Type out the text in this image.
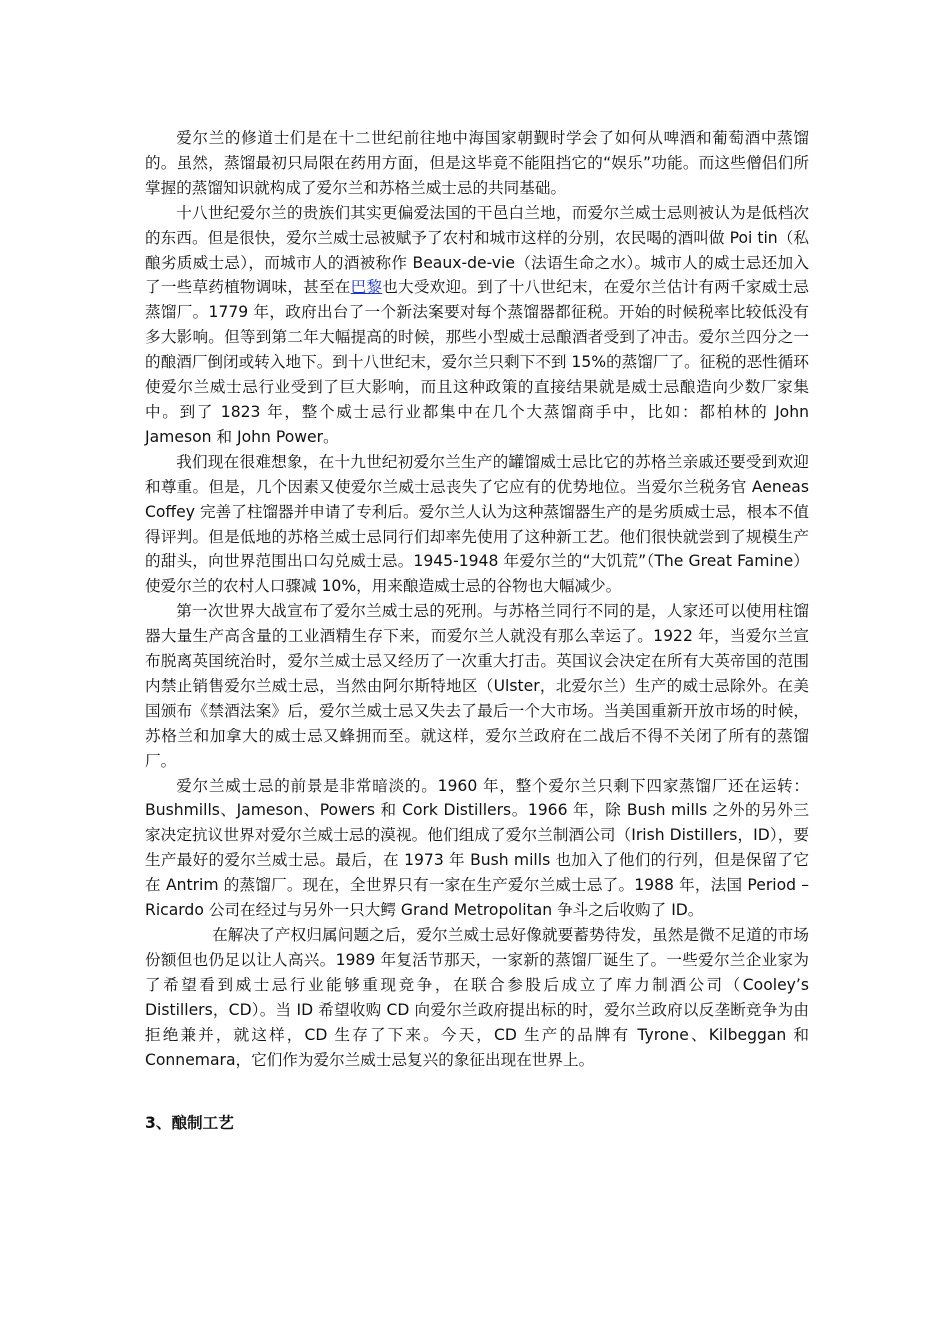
爱尔兰的修道士们是在十二世纪前往地中海国家朝觐时学会了如何从啤酒和葡萄酒中蒸馏的。虽然，蒸馏最初只局限在药用方面，但是这毕竟不能阻挡它的“娱乐”功能。而这些僧侣们所掌握的蒸馏知识就构成了爱尔兰和苏格兰威士忌的共同基础。

十八世纪爱尔兰的贵族们其实更偏爱法国的干邑白兰地，而爱尔兰威士忌则被认为是低档次的东西。但是很快，爱尔兰威士忌被赋予了农村和城市这样的分别，农民喝的酒叫做 Poi tin（私酿劣质威士忌），而城市人的酒被称作 Beaux-de-vie（法语生命之水）。城市人的威士忌还加入了一些草药植物调味，甚至在巴黎也大受欢迎。到了十八世纪末，在爱尔兰估计有两千家威士忌蒸馏厂。1779 年，政府出台了一个新法案要对每个蒸馏器都征税。开始的时候税率比较低没有多大影响。但等到第二年大幅提高的时候，那些小型威士忌酿酒者受到了冲击。爱尔兰四分之一的酿酒厂倒闭或转入地下。到十八世纪末，爱尔兰只剩下不到 15%的蒸馏厂了。征税的恶性循环使爱尔兰威士忌行业受到了巨大影响，而且这种政策的直接结果就是威士忌酿造向少数厂家集中。到了 1823 年，整个威士忌行业都集中在几个大蒸馏商手中，比如：都柏林的 John Jameson 和 John Power。

我们现在很难想象，在十九世纪初爱尔兰生产的罐馏威士忌比它的苏格兰亲戚还要受到欢迎和尊重。但是，几个因素又使爱尔兰威士忌丧失了它应有的优势地位。当爱尔兰税务官 Aeneas Coffey 完善了柱馏器并申请了专利后。爱尔兰人认为这种蒸馏器生产的是劣质威士忌，根本不值得评判。但是低地的苏格兰威士忌同行们却率先使用了这种新工艺。他们很快就尝到了规模生产的甜头，向世界范围出口勾兑威士忌。1945-1948 年爱尔兰的“大饥荒”（The Great Famine）使爱尔兰的农村人口骤减 10%，用来酿造威士忌的谷物也大幅减少。

第一次世界大战宣布了爱尔兰威士忌的死刑。与苏格兰同行不同的是，人家还可以使用柱馏器大量生产高含量的工业酒精生存下来，而爱尔兰人就没有那么幸运了。1922 年，当爱尔兰宣布脱离英国统治时，爱尔兰威士忌又经历了一次重大打击。英国议会决定在所有大英帝国的范围内禁止销售爱尔兰威士忌，当然由阿尔斯特地区（Ulster，北爱尔兰）生产的威士忌除外。在美国颁布《禁酒法案》后，爱尔兰威士忌又失去了最后一个大市场。当美国重新开放市场的时候，苏格兰和加拿大的威士忌又蜂拥而至。就这样，爱尔兰政府在二战后不得不关闭了所有的蒸馏厂。

爱尔兰威士忌的前景是非常暗淡的。1960 年，整个爱尔兰只剩下四家蒸馏厂还在运转：Bushmills、Jameson、Powers 和 Cork Distillers。1966 年，除 Bush mills 之外的另外三家决定抗议世界对爱尔兰威士忌的漠视。他们组成了爱尔兰制酒公司（Irish Distillers，ID），要生产最好的爱尔兰威士忌。最后，在 1973 年 Bush mills 也加入了他们的行列，但是保留了它在 Antrim 的蒸馏厂。现在，全世界只有一家在生产爱尔兰威士忌了。1988 年，法国 Period – Ricardo 公司在经过与另外一只大鳄 Grand Metropolitan 争斗之后收购了 ID。

在解决了产权归属问题之后，爱尔兰威士忌好像就要蓄势待发，虽然是微不足道的市场份额但也仍足以让人高兴。1989 年复活节那天，一家新的蒸馏厂诞生了。一些爱尔兰企业家为了希望看到威士忌行业能够重现竞争，在联合参股后成立了库力制酒公司（Cooley’s Distillers，CD）。当 ID 希望收购 CD 向爱尔兰政府提出标的时，爱尔兰政府以反垄断竞争为由拒绝兼并，就这样，CD 生存了下来。今天，CD 生产的品牌有 Tyrone、Kilbeggan 和 Connemara，它们作为爱尔兰威士忌复兴的象征出现在世界上。

3、酿制工艺
